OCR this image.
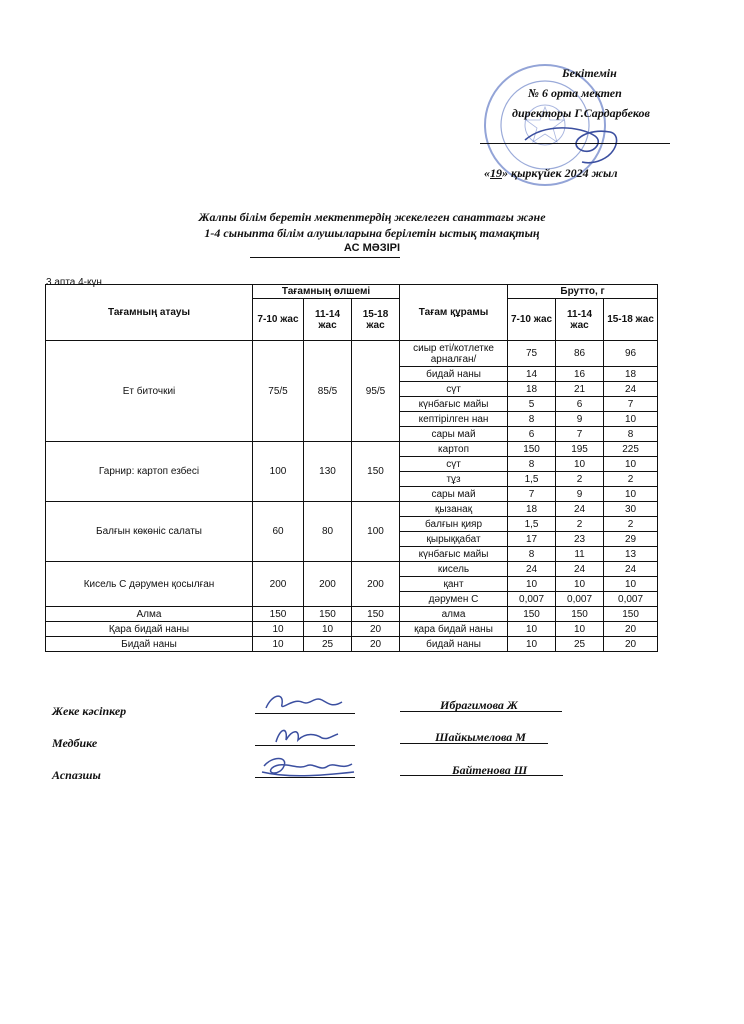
Бекітемін
№ 6 орта мектеп
директоры Г.Сардарбеков
«19» қыркүйек 2024 жыл
Жалпы білім беретін мектептердің жекелеген санаттағы және
1-4 сыныпта білім алушыларына берілетін ыстық тамақтың
АС МӘЗІРІ
3 апта 4-күн
Тағамның атауы	Тағамның өлшемі			Тағам құрамы	Брутто, г		
	7-10 жас	11-14 жас	15-18 жас		7-10 жас	11-14 жас	15-18 жас
Ет биточкиі	75/5	85/5	95/5	сиыр еті/котлетке арналған/	75	86	96
				бидай наны	14	16	18
				сүт	18	21	24
				күнбағыс майы	5	6	7
				кептірілген нан	8	9	10
				сары май	6	7	8
Гарнир: картоп езбесі	100	130	150	картоп	150	195	225
				сүт	8	10	10
				тұз	1,5	2	2
				сары май	7	9	10
Балғын көкөніс салаты	60	80	100	қызанақ	18	24	30
				балғын қияр	1,5	2	2
				қырыққабат	17	23	29
				күнбағыс майы	8	11	13
Кисель С дәрумен қосылған	200	200	200	кисель	24	24	24
				қант	10	10	10
				дәрумен С	0,007	0,007	0,007
Алма	150	150	150	алма	150	150	150
Қара бидай наны	10	10	20	қара бидай наны	10	10	20
Бидай наны	10	25	20	бидай наны	10	25	20
Жеке кәсіпкер	Ибрагимова Ж
Медбике	Шайкымелова М
Аспазшы	Байтенова Ш
